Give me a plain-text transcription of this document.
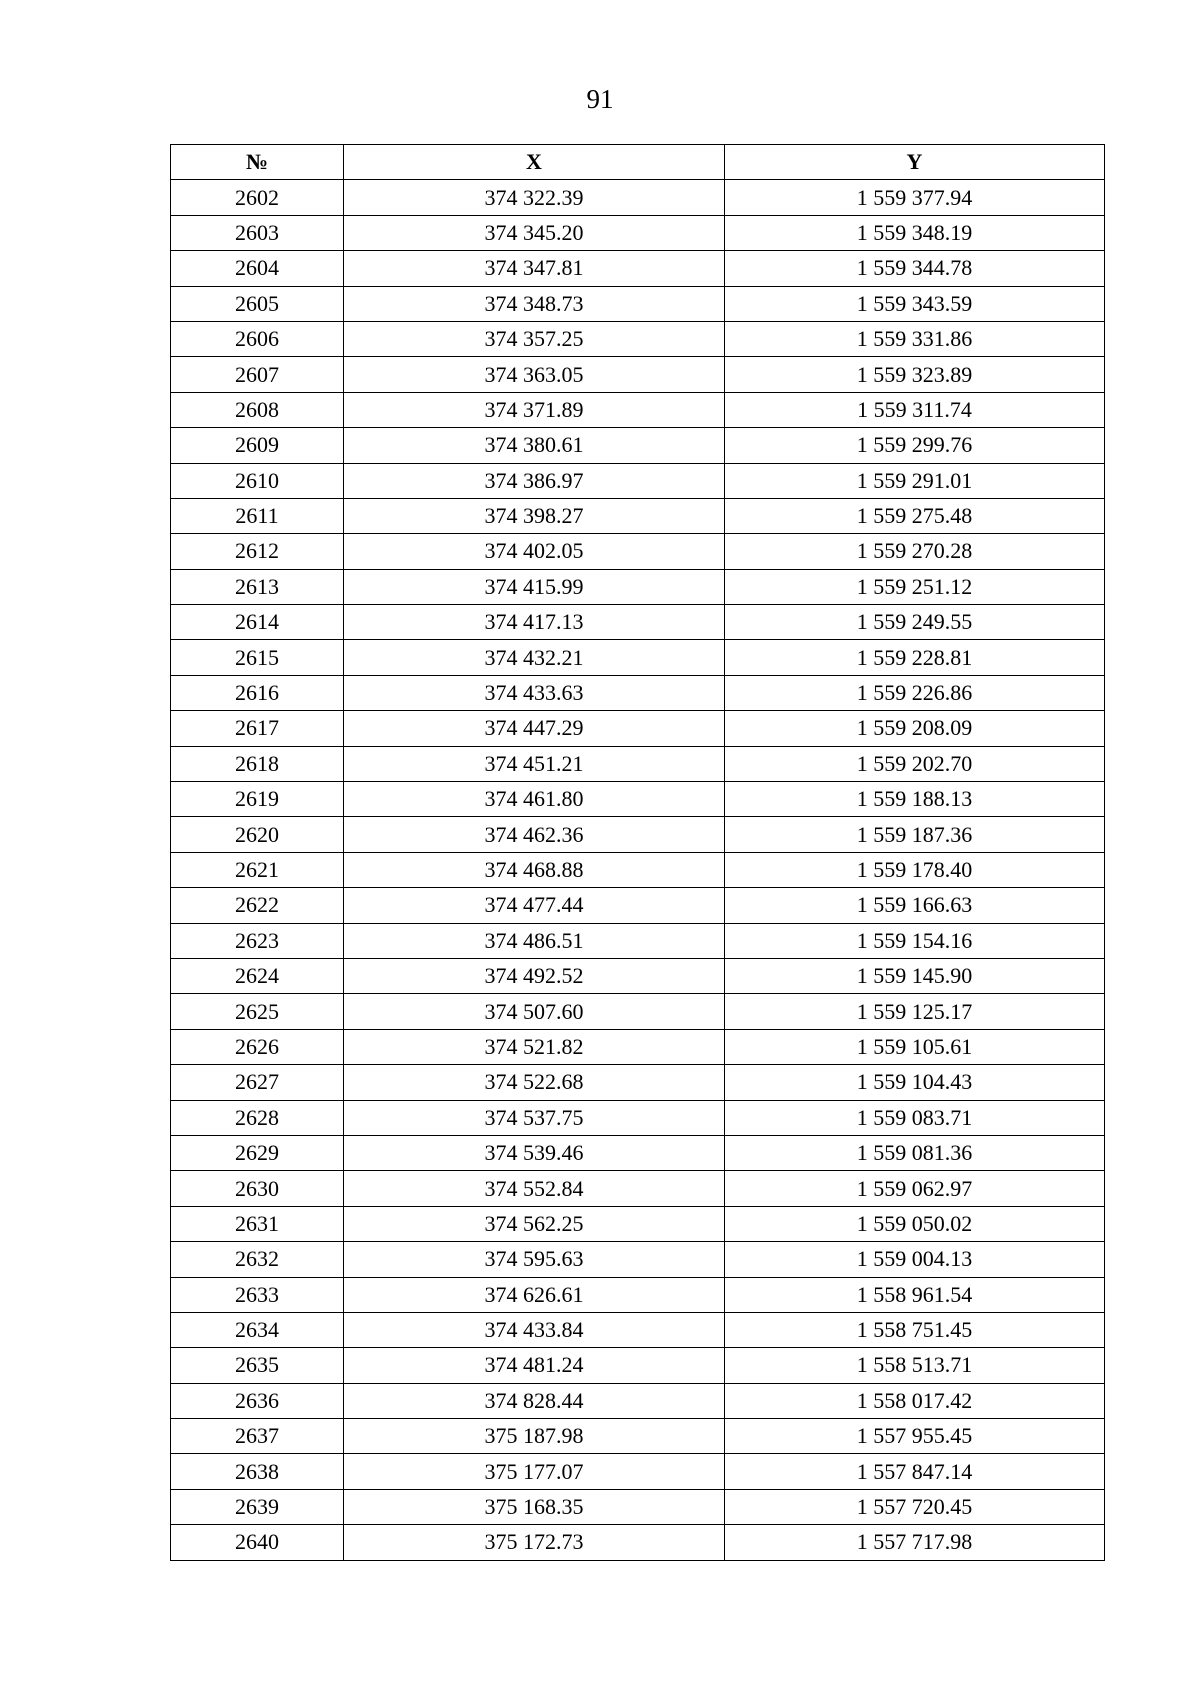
91
№	X	Y
2602	374 322.39	1 559 377.94
2603	374 345.20	1 559 348.19
2604	374 347.81	1 559 344.78
2605	374 348.73	1 559 343.59
2606	374 357.25	1 559 331.86
2607	374 363.05	1 559 323.89
2608	374 371.89	1 559 311.74
2609	374 380.61	1 559 299.76
2610	374 386.97	1 559 291.01
2611	374 398.27	1 559 275.48
2612	374 402.05	1 559 270.28
2613	374 415.99	1 559 251.12
2614	374 417.13	1 559 249.55
2615	374 432.21	1 559 228.81
2616	374 433.63	1 559 226.86
2617	374 447.29	1 559 208.09
2618	374 451.21	1 559 202.70
2619	374 461.80	1 559 188.13
2620	374 462.36	1 559 187.36
2621	374 468.88	1 559 178.40
2622	374 477.44	1 559 166.63
2623	374 486.51	1 559 154.16
2624	374 492.52	1 559 145.90
2625	374 507.60	1 559 125.17
2626	374 521.82	1 559 105.61
2627	374 522.68	1 559 104.43
2628	374 537.75	1 559 083.71
2629	374 539.46	1 559 081.36
2630	374 552.84	1 559 062.97
2631	374 562.25	1 559 050.02
2632	374 595.63	1 559 004.13
2633	374 626.61	1 558 961.54
2634	374 433.84	1 558 751.45
2635	374 481.24	1 558 513.71
2636	374 828.44	1 558 017.42
2637	375 187.98	1 557 955.45
2638	375 177.07	1 557 847.14
2639	375 168.35	1 557 720.45
2640	375 172.73	1 557 717.98
